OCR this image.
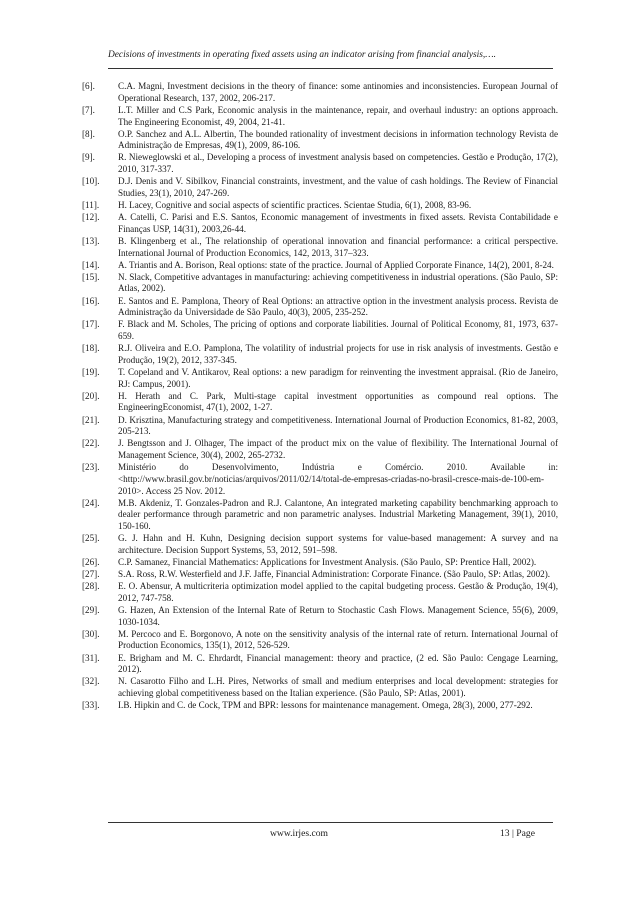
Decisions of investments in operating fixed assets using an indicator arising from financial analysis,….
[6].	C.A. Magni, Investment decisions in the theory of finance: some antinomies and inconsistencies. European Journal of Operational Research, 137, 2002, 206-217.
[7].	L.T. Miller and C.S Park, Economic analysis in the maintenance, repair, and overhaul industry: an options approach. The Engineering Economist, 49, 2004, 21-41.
[8].	O.P. Sanchez and A.L. Albertin, The bounded rationality of investment decisions in information technology Revista de Administração de Empresas, 49(1), 2009, 86-106.
[9].	R. Nieweglowski et al., Developing a process of investment analysis based on competencies. Gestão e Produção, 17(2), 2010, 317-337.
[10].	D.J. Denis and V. Sibilkov, Financial constraints, investment, and the value of cash holdings. The Review of Financial Studies, 23(1), 2010, 247-269.
[11].	H. Lacey, Cognitive and social aspects of scientific practices. Scientae Studia, 6(1), 2008, 83-96.
[12].	A. Catelli, C. Parisi and E.S. Santos, Economic management of investments in fixed assets. Revista Contabilidade e Finanças USP, 14(31), 2003,26-44.
[13].	B. Klingenberg et al., The relationship of operational innovation and financial performance: a critical perspective. International Journal of Production Economics, 142, 2013, 317–323.
[14].	A. Triantis and A. Borison, Real options: state of the practice. Journal of Applied Corporate Finance, 14(2), 2001, 8-24.
[15].	N. Slack, Competitive advantages in manufacturing: achieving competitiveness in industrial operations. (São Paulo, SP: Atlas, 2002).
[16].	E. Santos and E. Pamplona, Theory of Real Options: an attractive option in the investment analysis process. Revista de Administração da Universidade de São Paulo, 40(3), 2005, 235-252.
[17].	F. Black and M. Scholes, The pricing of options and corporate liabilities. Journal of Political Economy, 81, 1973, 637-659.
[18].	R.J. Oliveira and E.O. Pamplona, The volatility of industrial projects for use in risk analysis of investments. Gestão e Produção, 19(2), 2012, 337-345.
[19].	T. Copeland and V. Antikarov, Real options: a new paradigm for reinventing the investment appraisal. (Rio de Janeiro, RJ: Campus, 2001).
[20].	H. Herath and C. Park, Multi-stage capital investment opportunities as compound real options. The EngineeringEconomist, 47(1), 2002, 1-27.
[21].	D. Krisztina, Manufacturing strategy and competitiveness. International Journal of Production Economics, 81-82, 2003, 205-213.
[22].	J. Bengtsson and J. Olhager, The impact of the product mix on the value of flexibility. The International Journal of Management Science, 30(4), 2002, 265-2732.
[23].	Ministério do Desenvolvimento, Indústria e Comércio. 2010. Available in: <http://www.brasil.gov.br/noticias/arquivos/2011/02/14/total-de-empresas-criadas-no-brasil-cresce-mais-de-100-em-2010>. Access 25 Nov. 2012.
[24].	M.B. Akdeniz, T. Gonzales-Padron and R.J. Calantone, An integrated marketing capability benchmarking approach to dealer performance through parametric and non parametric analyses. Industrial Marketing Management, 39(1), 2010, 150-160.
[25].	G. J. Hahn and H. Kuhn, Designing decision support systems for value-based management: A survey and na architecture. Decision Support Systems, 53, 2012, 591–598.
[26].	C.P. Samanez, Financial Mathematics: Applications for Investment Analysis. (São Paulo, SP: Prentice Hall, 2002).
[27].	S.A. Ross, R.W. Westerfield and J.F. Jaffe, Financial Administration: Corporate Finance. (São Paulo, SP: Atlas, 2002).
[28].	E. O. Abensur, A multicriteria optimization model applied to the capital budgeting process. Gestão & Produção, 19(4), 2012, 747-758.
[29].	G. Hazen, An Extension of the Internal Rate of Return to Stochastic Cash Flows. Management Science, 55(6), 2009, 1030-1034.
[30].	M. Percoco and E. Borgonovo, A note on the sensitivity analysis of the internal rate of return. International Journal of Production Economics, 135(1), 2012, 526-529.
[31].	E. Brigham and M. C. Ehrdardt, Financial management: theory and practice, (2 ed. São Paulo: Cengage Learning, 2012).
[32].	N. Casarotto Filho and L.H. Pires, Networks of small and medium enterprises and local development: strategies for achieving global competitiveness based on the Italian experience. (São Paulo, SP: Atlas, 2001).
[33].	I.B. Hipkin and C. de Cock, TPM and BPR: lessons for maintenance management. Omega, 28(3), 2000, 277-292.
www.irjes.com	13 | Page
